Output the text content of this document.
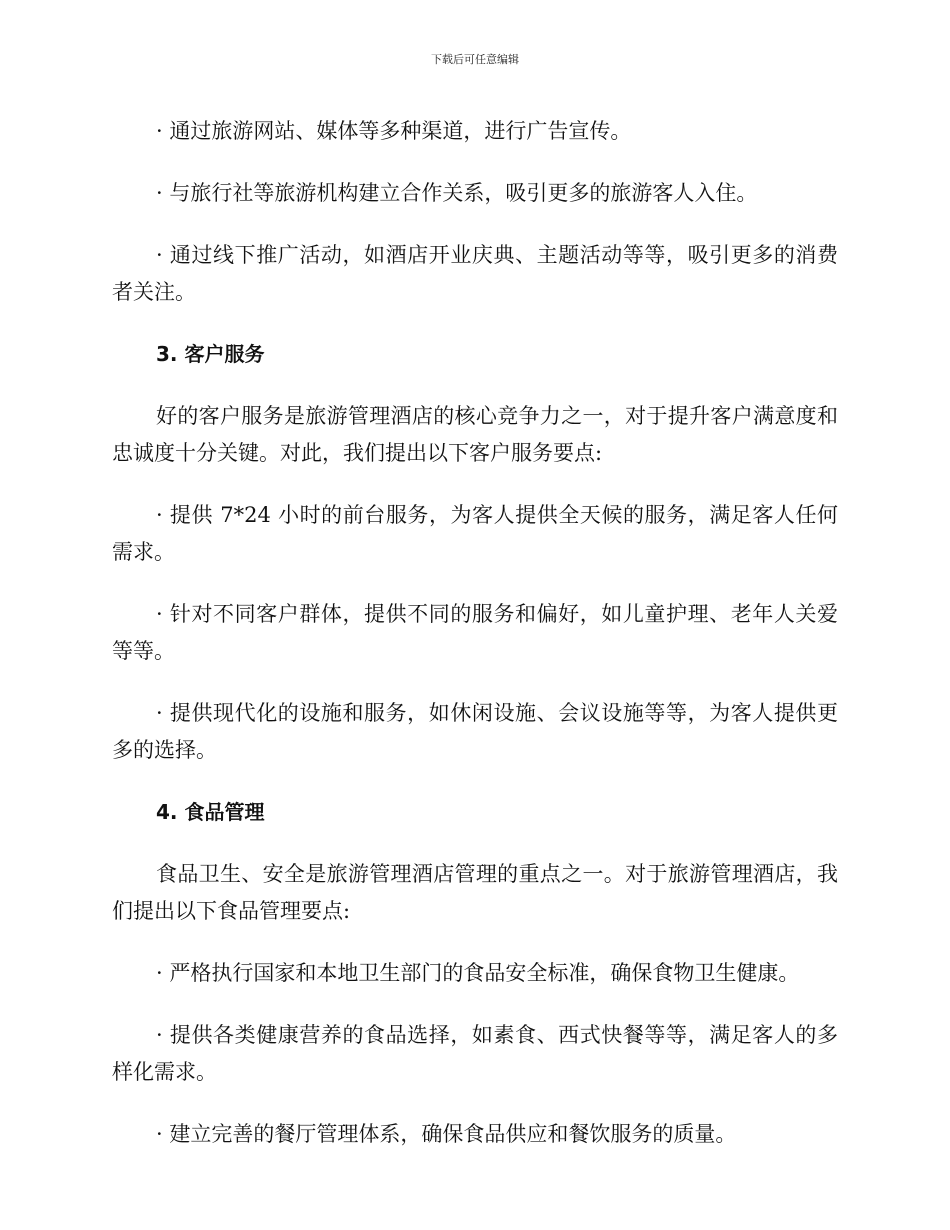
下载后可任意编辑

· 通过旅游网站、媒体等多种渠道，进行广告宣传。

· 与旅行社等旅游机构建立合作关系，吸引更多的旅游客人入住。

· 通过线下推广活动，如酒店开业庆典、主题活动等等，吸引更多的消费者关注。

3. 客户服务

好的客户服务是旅游管理酒店的核心竞争力之一，对于提升客户满意度和忠诚度十分关键。对此，我们提出以下客户服务要点:

· 提供 7*24 小时的前台服务，为客人提供全天候的服务，满足客人任何需求。

· 针对不同客户群体，提供不同的服务和偏好，如儿童护理、老年人关爱等等。

· 提供现代化的设施和服务，如休闲设施、会议设施等等，为客人提供更多的选择。

4. 食品管理

食品卫生、安全是旅游管理酒店管理的重点之一。对于旅游管理酒店，我们提出以下食品管理要点:

· 严格执行国家和本地卫生部门的食品安全标准，确保食物卫生健康。

· 提供各类健康营养的食品选择，如素食、西式快餐等等，满足客人的多样化需求。

· 建立完善的餐厅管理体系，确保食品供应和餐饮服务的质量。
